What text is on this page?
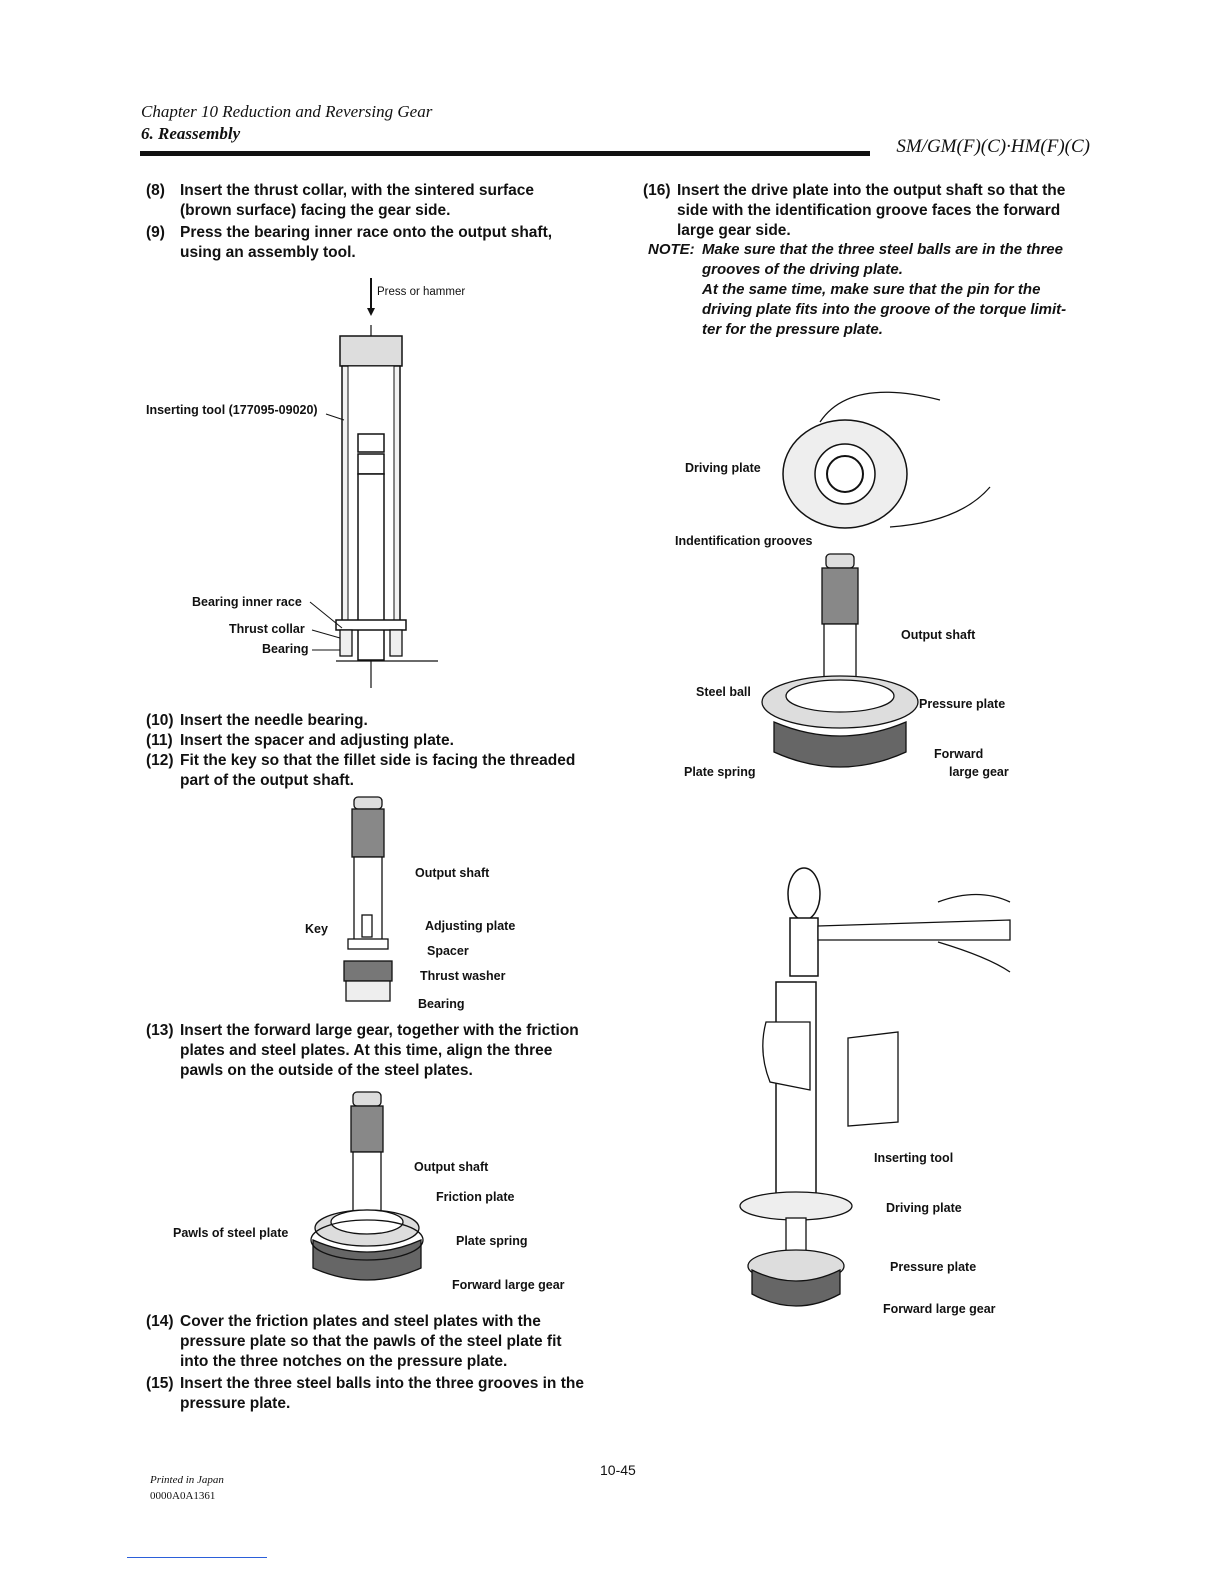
Chapter 10 Reduction and Reversing Gear
6. Reassembly
SM/GM(F)(C)·HM(F)(C)
(8) Insert the thrust collar, with the sintered surface
(brown surface) facing the gear side.
(9) Press the bearing inner race onto the output shaft,
using an assembly tool.
Press or hammer
Inserting tool (177095-09020)
Bearing inner race
Thrust collar
Bearing
(10) Insert the needle bearing.
(11) Insert the spacer and adjusting plate.
(12) Fit the key so that the fillet side is facing the threaded
part of the output shaft.
Output shaft
Key	Adjusting plate
Spacer
Thrust washer
Bearing
(13) Insert the forward large gear, together with the friction
plates and steel plates. At this time, align the three
pawls on the outside of the steel plates.
Output shaft
Friction plate
Pawls of steel plate
Plate spring
Forward large gear
(14) Cover the friction plates and steel plates with the
pressure plate so that the pawls of the steel plate fit
into the three notches on the pressure plate.
(15) Insert the three steel balls into the three grooves in the
pressure plate.
(16) Insert the drive plate into the output shaft so that the
side with the identification groove faces the forward
large gear side.
NOTE: Make sure that the three steel balls are in the three
grooves of the driving plate.
At the same time, make sure that the pin for the
driving plate fits into the groove of the torque limit-
ter for the pressure plate.
Driving plate
Indentification grooves
Output shaft
Steel ball
Pressure plate
Forward
Plate spring	large gear
Inserting tool
Driving plate
Pressure plate
Forward large gear
10-45
Printed in Japan
0000A0A1361
